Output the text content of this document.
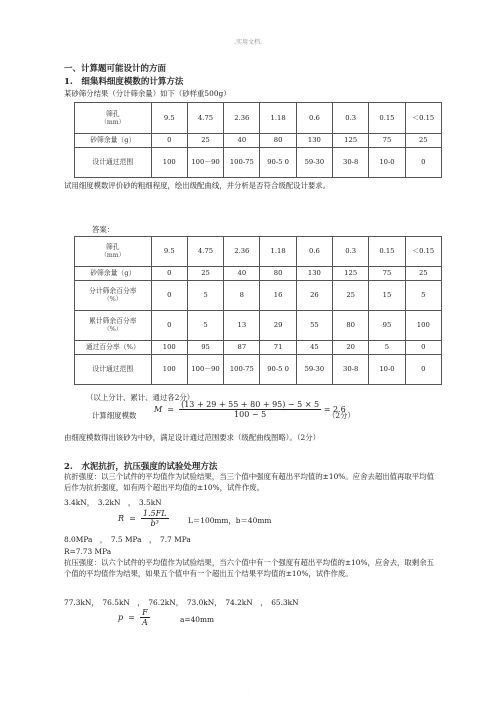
.实用文档.
一、计算题可能设计的方面
1.　细集料细度模数的计算方法
某砂筛分结果（分计筛余量）如下（砂样重500g）
筛孔
（mm）	9.5	4.75	2.36	1.18	0.6	0.3	0.15	＜0.15
砂筛余量（g）	0	25	40	80	130	125	75	25
设计通过范围	100	100－90	100-75	90-5 0	59-30	30-8	10-0	0
试用细度模数评价砂的粗细程度，绘出级配曲线，并分析是否符合级配设计要求。
答案：
筛孔
（mm）	9.5	4.75	2.36	1.18	0.6	0.3	0.15	＜0.15
砂筛余量（g）	0	25	40	80	130	125	75	25
分计筛余百分率
（%）	0	5	8	16	26	25	15	5
累计筛余百分率
（%）	0	5	13	29	55	80	95	100
通过百分率（%）	100	95	87	71	45	20	5	0
设计通过范围	100	100－90	100-75	90-5 0	59-30	30-8	10-0	0
（以上分计、累计、通过各2分）
计算细度模数
$M = \frac{(13 + 29 + 55 + 80 + 95) - 5 \times 5}{100 - 5} = 2.6$
（2分）
由细度模数得出该砂为中砂，满足设计通过范围要求（级配曲线图略）。（2分）
2.　水泥抗折，抗压强度的试验处理方法
抗折强度：以三个试件的平均值作为试验结果，当三个值中强度有超出平均值的±10%。应舍去超出值再取平均值后作为抗折强度，如有两个超出平均值的±10%，试件作废。
3.4kN，　3.2kN　，　3.5kN
$R = \frac{1.5FL}{\text{b³}}$	L＝100mm，b＝40mm
8.0MPa　，　7.5 MPa　，　7.7 MPa
R=7.73 MPa
抗压强度：以六个试件的平均值作为试验结果，当六个值中有一个强度有超出平均值的±10%，应舍去，取剩余五个值的平均值作为结果，如果五个值中有一个超出五个结果平均值的±10%，试件作废。
77.3kN，　76.5kN　，　76.2kN，　73.0kN，　74.2kN　，　65.3kN
$p = \frac{F}{A}$	a=40mm
.
